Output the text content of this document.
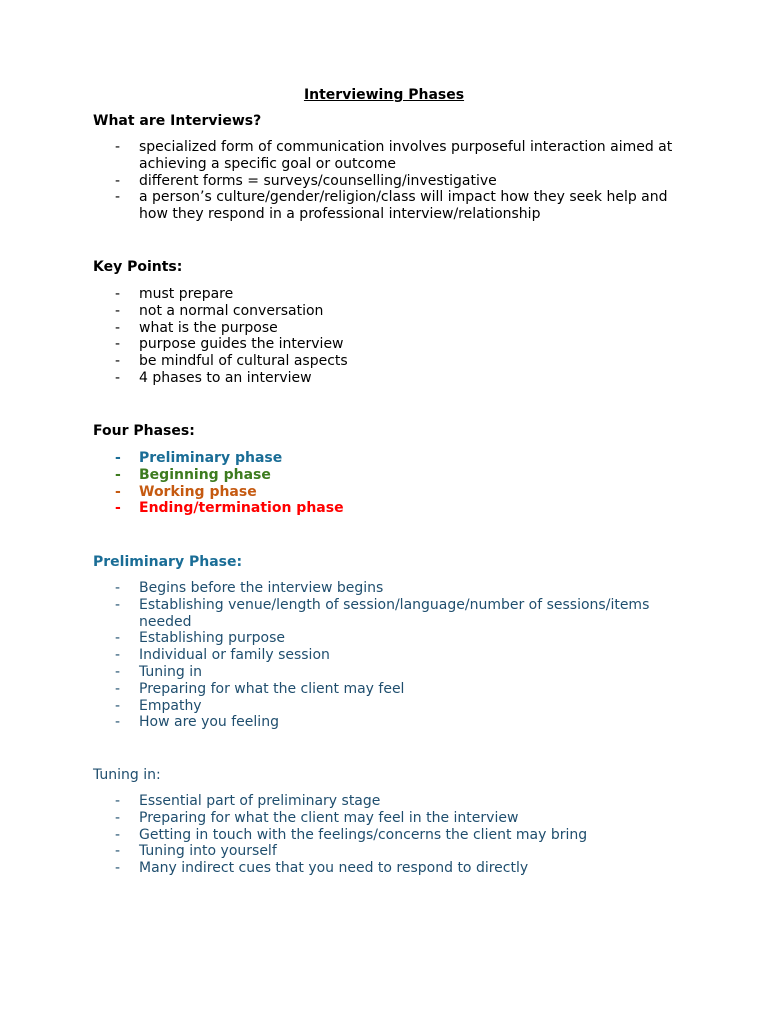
Interviewing Phases
What are Interviews?
- specialized form of communication involves purposeful interaction aimed at achieving a specific goal or outcome
- different forms = surveys/counselling/investigative
- a person’s culture/gender/religion/class will impact how they seek help and how they respond in a professional interview/relationship
Key Points:
- must prepare
- not a normal conversation
- what is the purpose
- purpose guides the interview
- be mindful of cultural aspects
- 4 phases to an interview
Four Phases:
- Preliminary phase
- Beginning phase
- Working phase
- Ending/termination phase
Preliminary Phase:
- Begins before the interview begins
- Establishing venue/length of session/language/number of sessions/items needed
- Establishing purpose
- Individual or family session
- Tuning in
- Preparing for what the client may feel
- Empathy
- How are you feeling
Tuning in:
- Essential part of preliminary stage
- Preparing for what the client may feel in the interview
- Getting in touch with the feelings/concerns the client may bring
- Tuning into yourself
- Many indirect cues that you need to respond to directly
